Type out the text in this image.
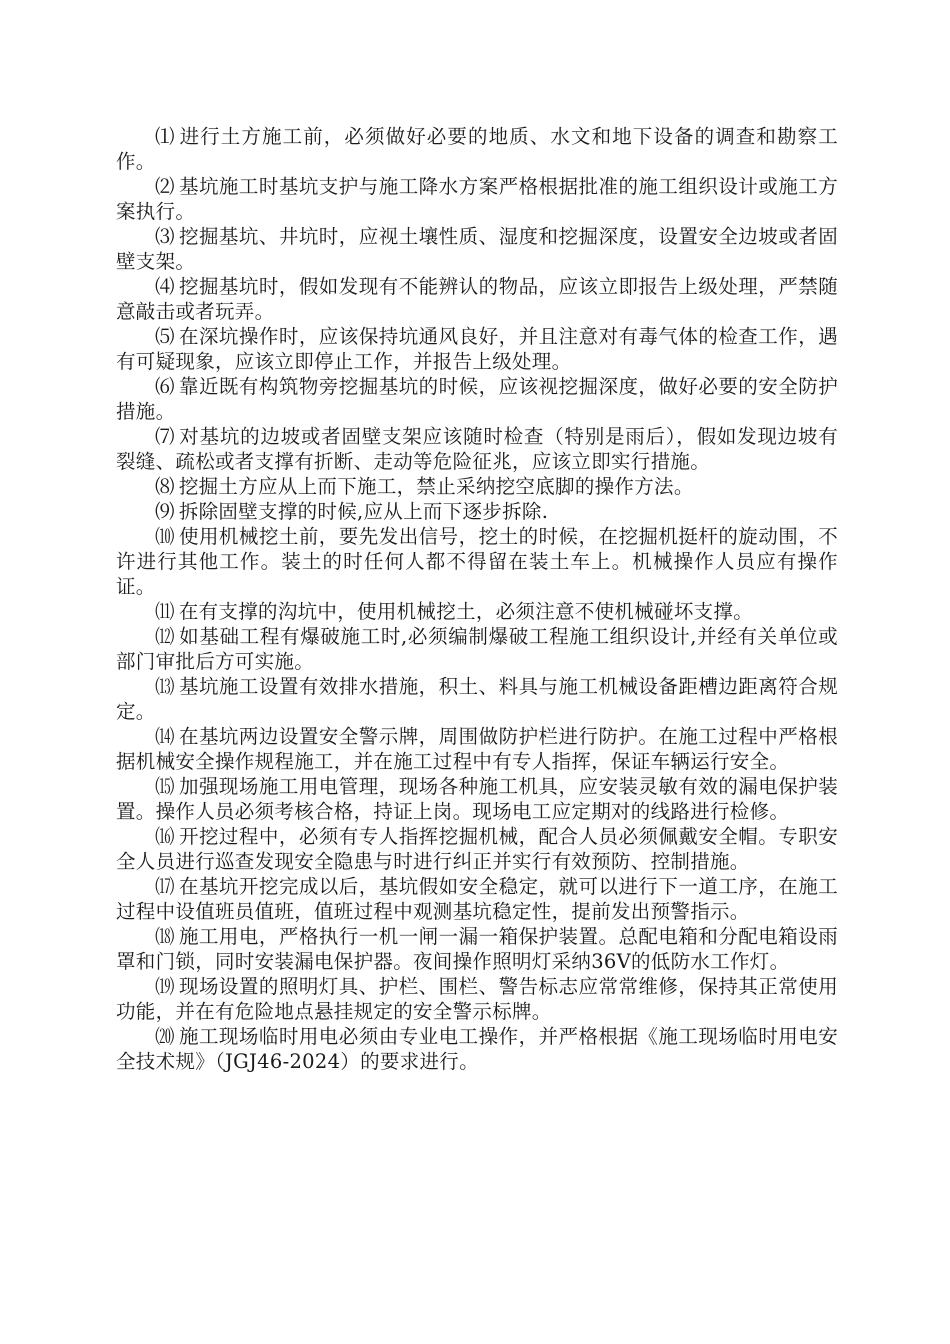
⑴ 进行土方施工前，必须做好必要的地质、水文和地下设备的调查和勘察工作。

⑵ 基坑施工时基坑支护与施工降水方案严格根据批准的施工组织设计或施工方案执行。

⑶ 挖掘基坑、井坑时，应视土壤性质、湿度和挖掘深度，设置安全边坡或者固壁支架。

⑷ 挖掘基坑时，假如发现有不能辨认的物品，应该立即报告上级处理，严禁随意敲击或者玩弄。

⑸ 在深坑操作时，应该保持坑通风良好，并且注意对有毒气体的检查工作，遇有可疑现象，应该立即停止工作，并报告上级处理。

⑹ 靠近既有构筑物旁挖掘基坑的时候，应该视挖掘深度，做好必要的安全防护措施。

⑺ 对基坑的边坡或者固壁支架应该随时检查（特别是雨后），假如发现边坡有裂缝、疏松或者支撑有折断、走动等危险征兆，应该立即实行措施。

⑻ 挖掘土方应从上而下施工，禁止采纳挖空底脚的操作方法。

⑼ 拆除固壁支撑的时候,应从上而下逐步拆除.

⑽ 使用机械挖土前，要先发出信号，挖土的时候，在挖掘机挺杆的旋动围，不许进行其他工作。装土的时任何人都不得留在装土车上。机械操作人员应有操作证。

⑾ 在有支撑的沟坑中，使用机械挖土，必须注意不使机械碰坏支撑。

⑿ 如基础工程有爆破施工时,必须编制爆破工程施工组织设计,并经有关单位或部门审批后方可实施。

⒀ 基坑施工设置有效排水措施，积土、料具与施工机械设备距槽边距离符合规定。

⒁ 在基坑两边设置安全警示牌，周围做防护栏进行防护。在施工过程中严格根据机械安全操作规程施工，并在施工过程中有专人指挥，保证车辆运行安全。

⒂ 加强现场施工用电管理，现场各种施工机具，应安装灵敏有效的漏电保护装置。操作人员必须考核合格，持证上岗。现场电工应定期对的线路进行检修。

⒃ 开挖过程中，必须有专人指挥挖掘机械，配合人员必须佩戴安全帽。专职安全人员进行巡查发现安全隐患与时进行纠正并实行有效预防、控制措施。

⒄ 在基坑开挖完成以后，基坑假如安全稳定，就可以进行下一道工序，在施工过程中设值班员值班，值班过程中观测基坑稳定性，提前发出预警指示。

⒅ 施工用电，严格执行一机一闸一漏一箱保护装置。总配电箱和分配电箱设雨罩和门锁，同时安装漏电保护器。夜间操作照明灯采纳36V的低防水工作灯。

⒆ 现场设置的照明灯具、护栏、围栏、警告标志应常常维修，保持其正常使用功能，并在有危险地点悬挂规定的安全警示标牌。

⒇ 施工现场临时用电必须由专业电工操作，并严格根据《施工现场临时用电安全技术规》（JGJ46-2024）的要求进行。
